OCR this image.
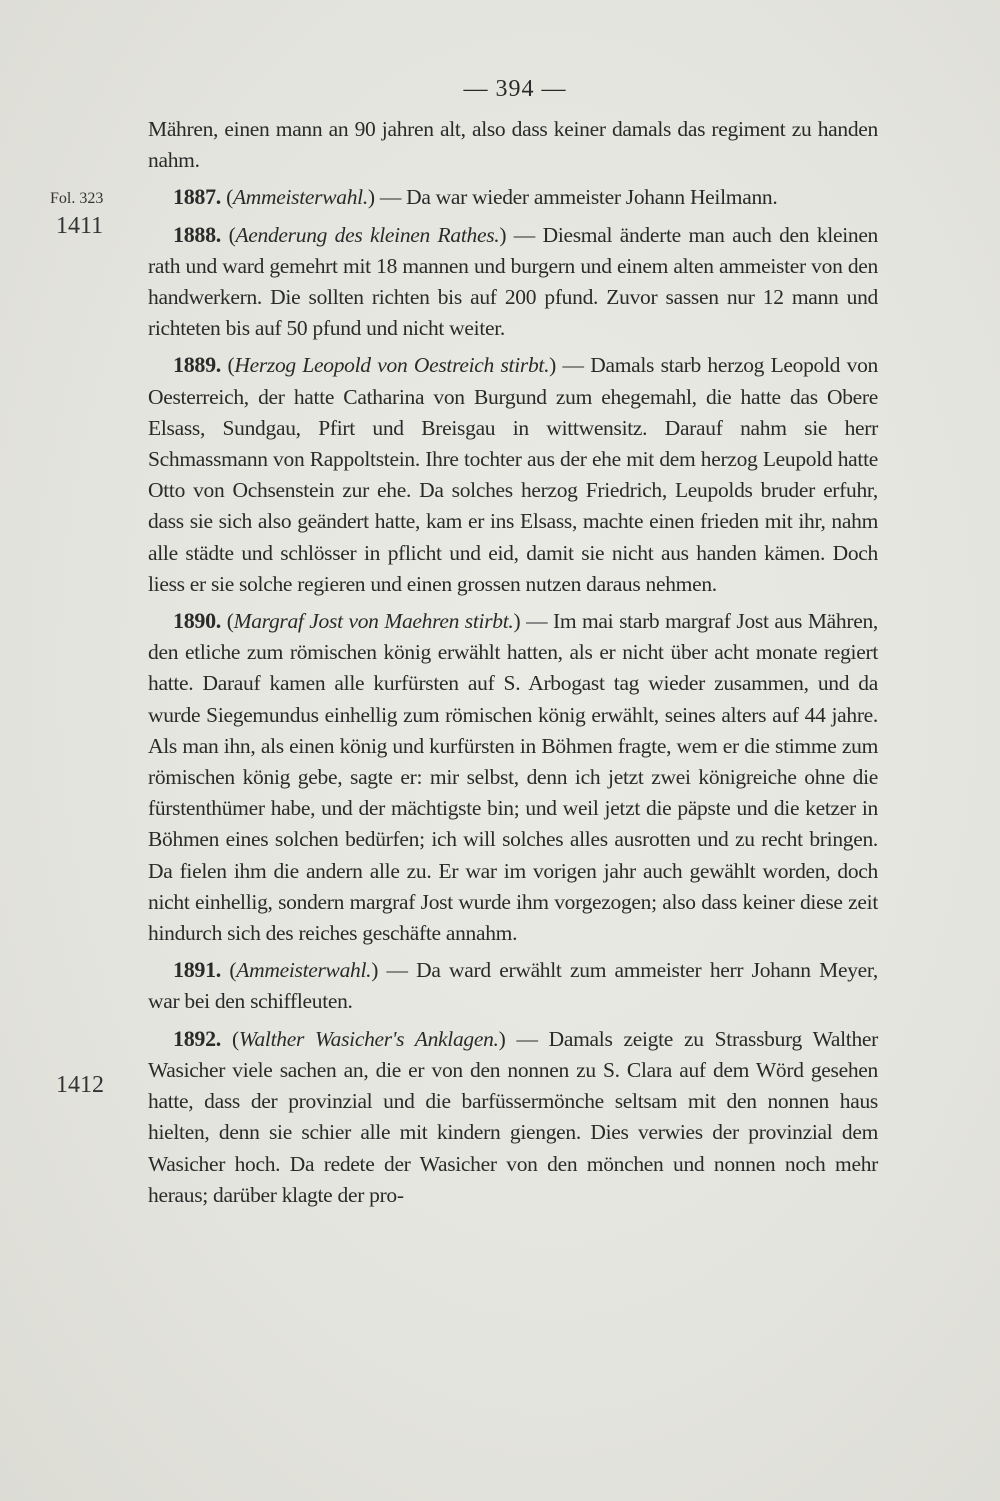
— 394 —
Fol. 323
1411
1412

Mähren, einen mann an 90 jahren alt, also dass keiner damals das regiment zu handen nahm.

1887. (Ammeisterwahl.) — Da war wieder ammeister Johann Heilmann.

1888. (Aenderung des kleinen Rathes.) — Diesmal änderte man auch den kleinen rath und ward gemehrt mit 18 mannen und burgern und einem alten ammeister von den handwerkern. Die sollten richten bis auf 200 pfund. Zuvor sassen nur 12 mann und richteten bis auf 50 pfund und nicht weiter.

1889. (Herzog Leopold von Oestreich stirbt.) — Damals starb herzog Leopold von Oesterreich, der hatte Catharina von Burgund zum ehegemahl, die hatte das Obere Elsass, Sundgau, Pfirt und Breisgau in wittwensitz. Darauf nahm sie herr Schmassmann von Rappoltstein. Ihre tochter aus der ehe mit dem herzog Leupold hatte Otto von Ochsenstein zur ehe. Da solches herzog Friedrich, Leupolds bruder erfuhr, dass sie sich also geändert hatte, kam er ins Elsass, machte einen frieden mit ihr, nahm alle städte und schlösser in pflicht und eid, damit sie nicht aus handen kämen. Doch liess er sie solche regieren und einen grossen nutzen daraus nehmen.

1890. (Margraf Jost von Maehren stirbt.) — Im mai starb margraf Jost aus Mähren, den etliche zum römischen könig erwählt hatten, als er nicht über acht monate regiert hatte. Darauf kamen alle kurfürsten auf S. Arbogast tag wieder zusammen, und da wurde Siegemundus einhellig zum römischen könig erwählt, seines alters auf 44 jahre. Als man ihn, als einen könig und kurfürsten in Böhmen fragte, wem er die stimme zum römischen könig gebe, sagte er: mir selbst, denn ich jetzt zwei königreiche ohne die fürstenthümer habe, und der mächtigste bin; und weil jetzt die päpste und die ketzer in Böhmen eines solchen bedürfen; ich will solches alles ausrotten und zu recht bringen. Da fielen ihm die andern alle zu. Er war im vorigen jahr auch gewählt worden, doch nicht einhellig, sondern margraf Jost wurde ihm vorgezogen; also dass keiner diese zeit hindurch sich des reiches geschäfte annahm.

1891. (Ammeisterwahl.) — Da ward erwählt zum ammeister herr Johann Meyer, war bei den schiffleuten.

1892. (Walther Wasicher's Anklagen.) — Damals zeigte zu Strassburg Walther Wasicher viele sachen an, die er von den nonnen zu S. Clara auf dem Wörd gesehen hatte, dass der provinzial und die barfüssermönche seltsam mit den nonnen haus hielten, denn sie schier alle mit kindern giengen. Dies verwies der provinzial dem Wasicher hoch. Da redete der Wasicher von den mönchen und nonnen noch mehr heraus; darüber klagte der pro-
